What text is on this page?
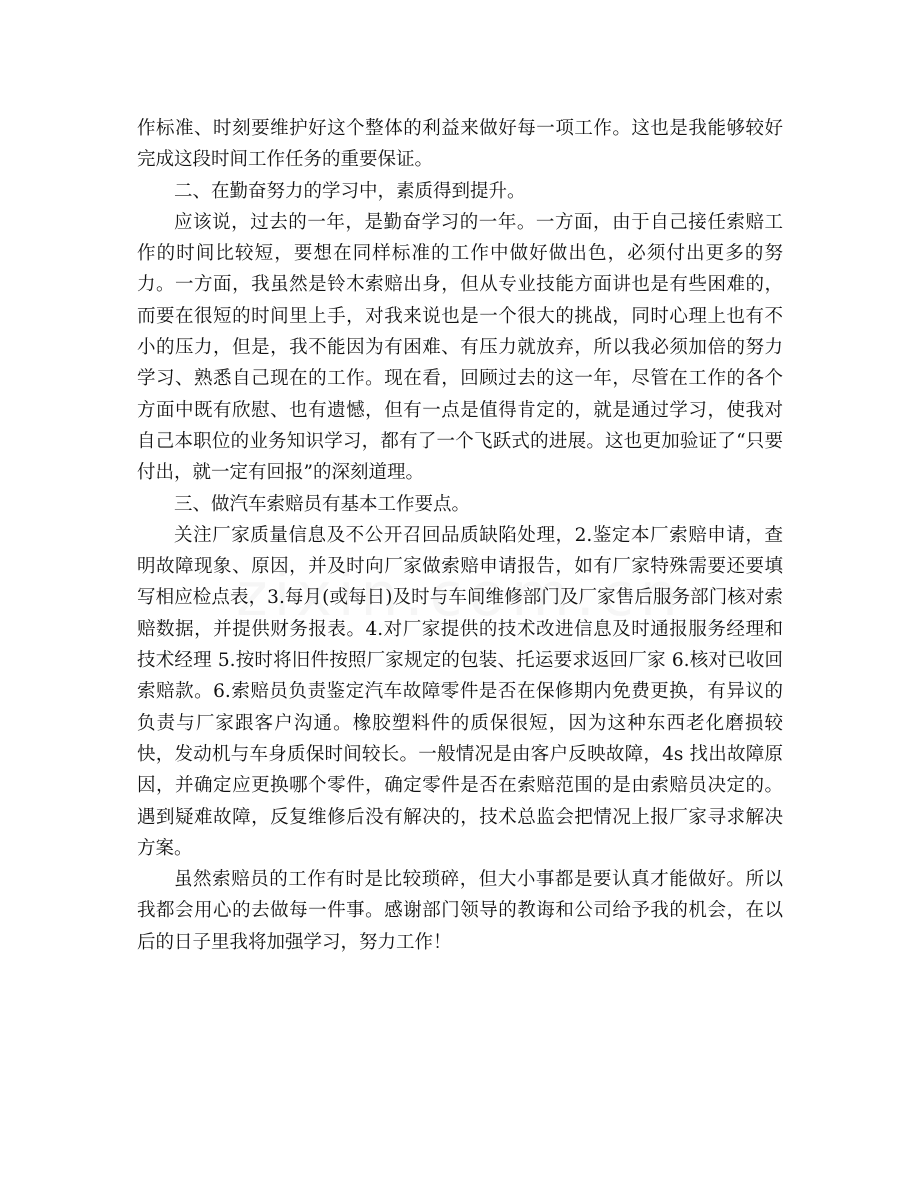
作标准、时刻要维护好这个整体的利益来做好每一项工作。这也是我能够较好完成这段时间工作任务的重要保证。

二、在勤奋努力的学习中，素质得到提升。

应该说，过去的一年，是勤奋学习的一年。一方面，由于自己接任索赔工作的时间比较短，要想在同样标准的工作中做好做出色，必须付出更多的努力。一方面，我虽然是铃木索赔出身，但从专业技能方面讲也是有些困难的，而要在很短的时间里上手，对我来说也是一个很大的挑战，同时心理上也有不小的压力，但是，我不能因为有困难、有压力就放弃，所以我必须加倍的努力学习、熟悉自己现在的工作。现在看，回顾过去的这一年，尽管在工作的各个方面中既有欣慰、也有遗憾，但有一点是值得肯定的，就是通过学习，使我对自己本职位的业务知识学习，都有了一个飞跃式的进展。这也更加验证了“只要付出，就一定有回报”的深刻道理。

三、做汽车索赔员有基本工作要点。

关注厂家质量信息及不公开召回品质缺陷处理，2.鉴定本厂索赔申请，查明故障现象、原因，并及时向厂家做索赔申请报告，如有厂家特殊需要还要填写相应检点表，3.每月(或每日)及时与车间维修部门及厂家售后服务部门核对索赔数据，并提供财务报表。4.对厂家提供的技术改进信息及时通报服务经理和技术经理 5.按时将旧件按照厂家规定的包装、托运要求返回厂家 6.核对已收回索赔款。6.索赔员负责鉴定汽车故障零件是否在保修期内免费更换，有异议的负责与厂家跟客户沟通。橡胶塑料件的质保很短，因为这种东西老化磨损较快，发动机与车身质保时间较长。一般情况是由客户反映故障，4s 找出故障原因，并确定应更换哪个零件，确定零件是否在索赔范围的是由索赔员决定的。遇到疑难故障，反复维修后没有解决的，技术总监会把情况上报厂家寻求解决方案。

虽然索赔员的工作有时是比较琐碎，但大小事都是要认真才能做好。所以我都会用心的去做每一件事。感谢部门领导的教诲和公司给予我的机会，在以后的日子里我将加强学习，努力工作！
